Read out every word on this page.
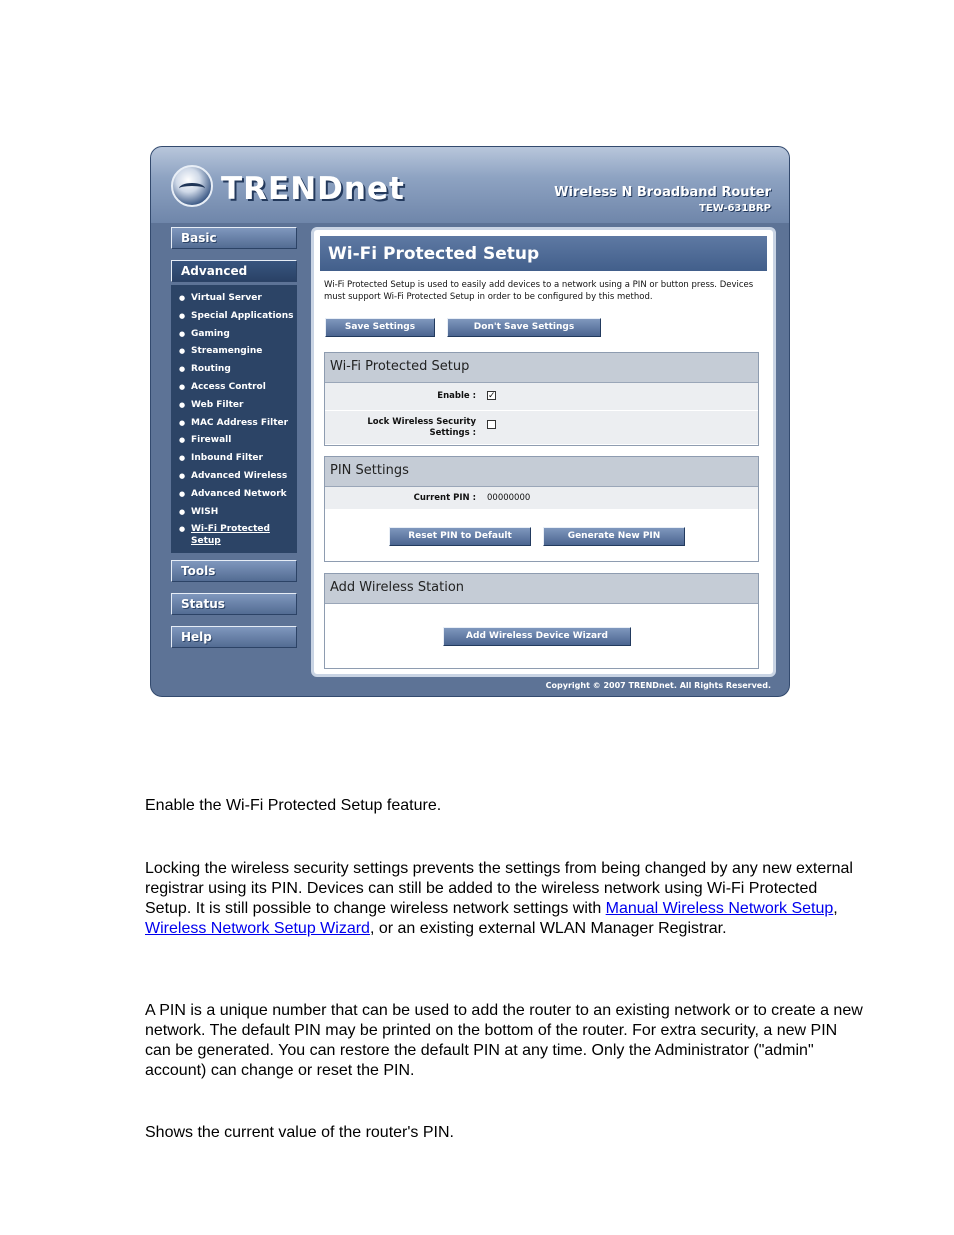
TRENDnet	Wireless N Broadband Router
TEW-631BRP
Basic
Advanced
● Virtual Server
● Special Applications
● Gaming
● Streamengine
● Routing
● Access Control
● Web Filter
● MAC Address Filter
● Firewall
● Inbound Filter
● Advanced Wireless
● Advanced Network
● WISH
● Wi-Fi Protected
Setup
Tools
Status
Help
Wi-Fi Protected Setup
Wi-Fi Protected Setup is used to easily add devices to a network using a PIN or button press. Devices must support Wi-Fi Protected Setup in order to be configured by this method.
Save Settings	Don't Save Settings
Wi-Fi Protected Setup
Enable : ✓
Lock Wireless Security
Settings :
PIN Settings
Current PIN : 00000000
Reset PIN to Default	Generate New PIN
Add Wireless Station
Add Wireless Device Wizard
Copyright © 2007 TRENDnet. All Rights Reserved.

Enable the Wi-Fi Protected Setup feature.

Locking the wireless security settings prevents the settings from being changed by any new external registrar using its PIN. Devices can still be added to the wireless network using Wi-Fi Protected Setup. It is still possible to change wireless network settings with Manual Wireless Network Setup, Wireless Network Setup Wizard, or an existing external WLAN Manager Registrar.

A PIN is a unique number that can be used to add the router to an existing network or to create a new network. The default PIN may be printed on the bottom of the router. For extra security, a new PIN can be generated. You can restore the default PIN at any time. Only the Administrator ("admin" account) can change or reset the PIN.

Shows the current value of the router's PIN.
